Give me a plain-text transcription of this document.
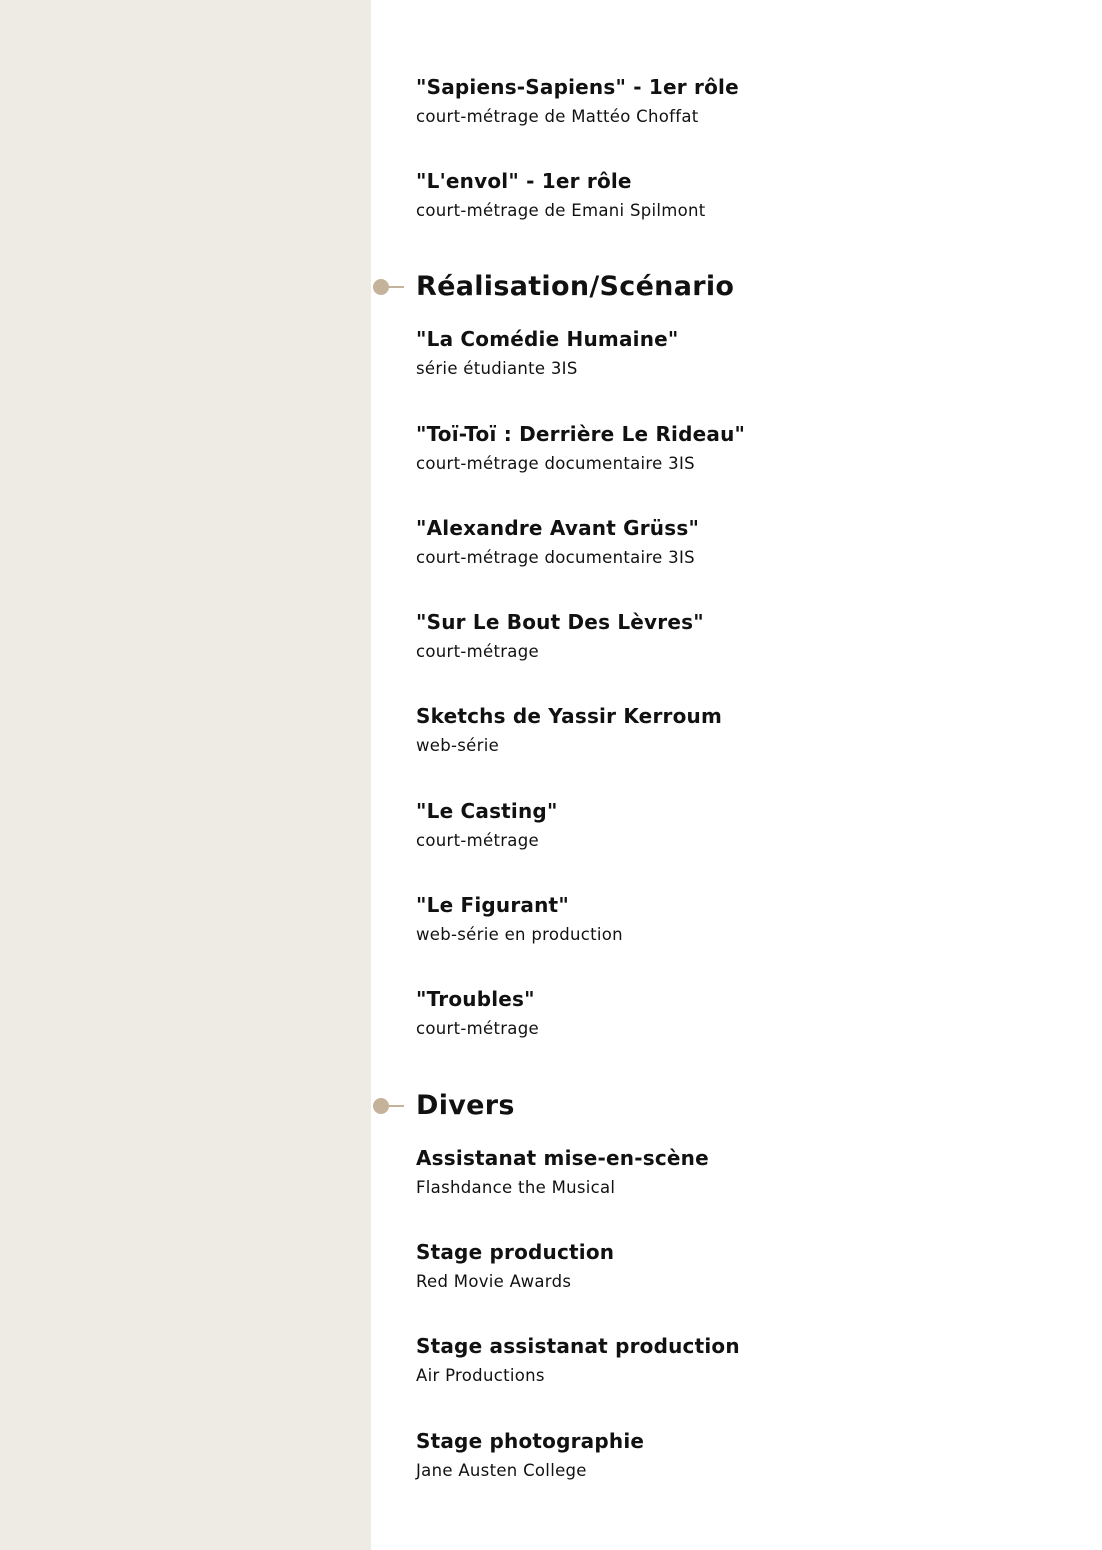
"Sapiens-Sapiens" - 1er rôle
court-métrage de Mattéo Choffat
"L'envol" - 1er rôle
court-métrage de Emani Spilmont
Réalisation/Scénario
"La Comédie Humaine"
série étudiante 3IS
"Toï-Toï : Derrière Le Rideau"
court-métrage documentaire 3IS
"Alexandre Avant Grüss"
court-métrage documentaire 3IS
"Sur Le Bout Des Lèvres"
court-métrage
Sketchs de Yassir Kerroum
web-série
"Le Casting"
court-métrage
"Le Figurant"
web-série en production
"Troubles"
court-métrage
Divers
Assistanat mise-en-scène
Flashdance the Musical
Stage production
Red Movie Awards
Stage assistanat production
Air Productions
Stage photographie
Jane Austen College
